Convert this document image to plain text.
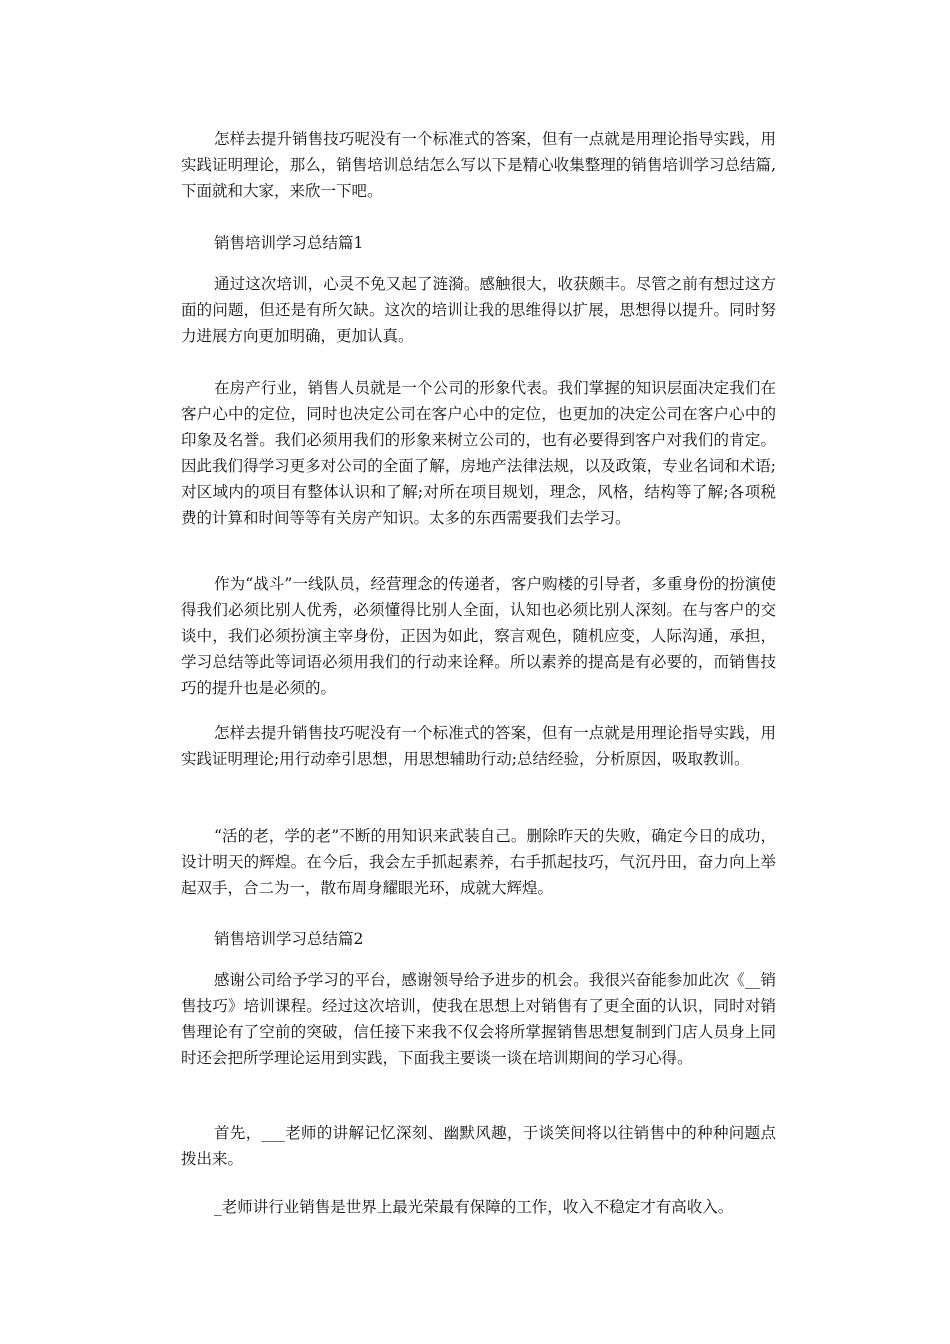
怎样去提升销售技巧呢没有一个标准式的答案，但有一点就是用理论指导实践，用实践证明理论，那么，销售培训总结怎么写以下是精心收集整理的销售培训学习总结篇,下面就和大家，来欣一下吧。

销售培训学习总结篇1

通过这次培训，心灵不免又起了涟漪。感触很大，收获颇丰。尽管之前有想过这方面的问题，但还是有所欠缺。这次的培训让我的思维得以扩展，思想得以提升。同时努力进展方向更加明确，更加认真。

在房产行业，销售人员就是一个公司的形象代表。我们掌握的知识层面决定我们在客户心中的定位，同时也决定公司在客户心中的定位，也更加的决定公司在客户心中的印象及名誉。我们必须用我们的形象来树立公司的，也有必要得到客户对我们的肯定。因此我们得学习更多对公司的全面了解，房地产法律法规，以及政策，专业名词和术语;对区域内的项目有整体认识和了解;对所在项目规划，理念，风格，结构等了解;各项税费的计算和时间等等有关房产知识。太多的东西需要我们去学习。

作为“战斗”一线队员，经营理念的传递者，客户购楼的引导者，多重身份的扮演使得我们必须比别人优秀，必须懂得比别人全面，认知也必须比别人深刻。在与客户的交谈中，我们必须扮演主宰身份，正因为如此，察言观色，随机应变，人际沟通，承担，学习总结等此等词语必须用我们的行动来诠释。所以素养的提高是有必要的，而销售技巧的提升也是必须的。

怎样去提升销售技巧呢没有一个标准式的答案，但有一点就是用理论指导实践，用实践证明理论;用行动牵引思想，用思想辅助行动;总结经验，分析原因，吸取教训。

“活的老，学的老”不断的用知识来武装自己。删除昨天的失败，确定今日的成功，设计明天的辉煌。在今后，我会左手抓起素养，右手抓起技巧，气沉丹田，奋力向上举起双手，合二为一，散布周身耀眼光环，成就大辉煌。

销售培训学习总结篇2

感谢公司给予学习的平台，感谢领导给予进步的机会。我很兴奋能参加此次《__销售技巧》培训课程。经过这次培训，使我在思想上对销售有了更全面的认识，同时对销售理论有了空前的突破，信任接下来我不仅会将所掌握销售思想复制到门店人员身上同时还会把所学理论运用到实践，下面我主要谈一谈在培训期间的学习心得。

首先，___老师的讲解记忆深刻、幽默风趣，于谈笑间将以往销售中的种种问题点拨出来。

_老师讲行业销售是世界上最光荣最有保障的工作，收入不稳定才有高收入。
